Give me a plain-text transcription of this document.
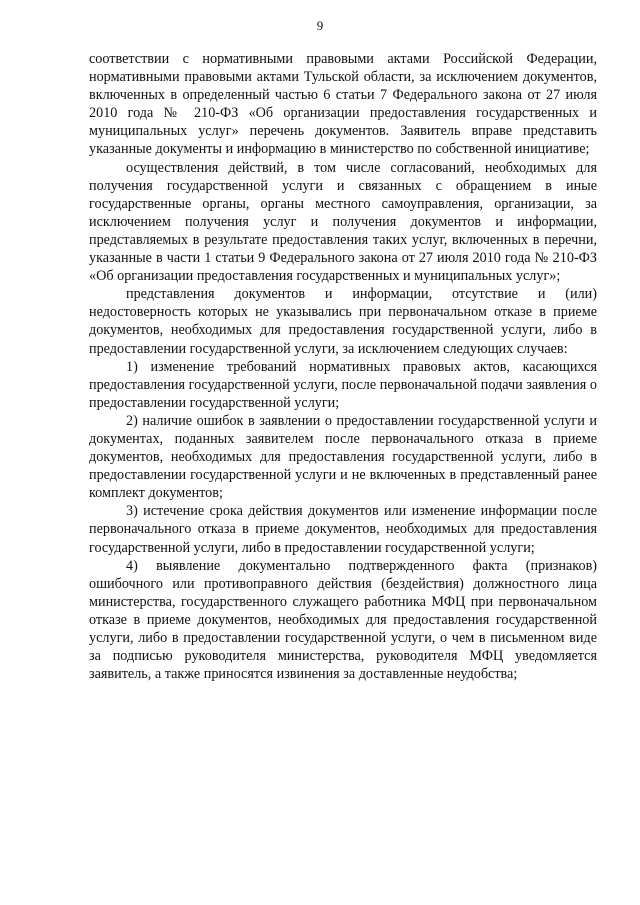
9

соответствии с нормативными правовыми актами Российской Федерации, нормативными правовыми актами Тульской области, за исключением документов, включенных в определенный частью 6 статьи 7 Федерального закона от 27 июля 2010 года № 210-ФЗ «Об организации предоставления государственных и муниципальных услуг» перечень документов. Заявитель вправе представить указанные документы и информацию в министерство по собственной инициативе;

осуществления действий, в том числе согласований, необходимых для получения государственной услуги и связанных с обращением в иные государственные органы, органы местного самоуправления, организации, за исключением получения услуг и получения документов и информации, представляемых в результате предоставления таких услуг, включенных в перечни, указанные в части 1 статьи 9 Федерального закона от 27 июля 2010 года № 210-ФЗ «Об организации предоставления государственных и муниципальных услуг»;

представления документов и информации, отсутствие и (или) недостоверность которых не указывались при первоначальном отказе в приеме документов, необходимых для предоставления государственной услуги, либо в предоставлении государственной услуги, за исключением следующих случаев:

1) изменение требований нормативных правовых актов, касающихся предоставления государственной услуги, после первоначальной подачи заявления о предоставлении государственной услуги;

2) наличие ошибок в заявлении о предоставлении государственной услуги и документах, поданных заявителем после первоначального отказа в приеме документов, необходимых для предоставления государственной услуги, либо в предоставлении государственной услуги и не включенных в представленный ранее комплект документов;

3) истечение срока действия документов или изменение информации после первоначального отказа в приеме документов, необходимых для предоставления государственной услуги, либо в предоставлении государственной услуги;

4) выявление документально подтвержденного факта (признаков) ошибочного или противоправного действия (бездействия) должностного лица министерства, государственного служащего работника МФЦ при первоначальном отказе в приеме документов, необходимых для предоставления государственной услуги, либо в предоставлении государственной услуги, о чем в письменном виде за подписью руководителя министерства, руководителя МФЦ уведомляется заявитель, а также приносятся извинения за доставленные неудобства;
